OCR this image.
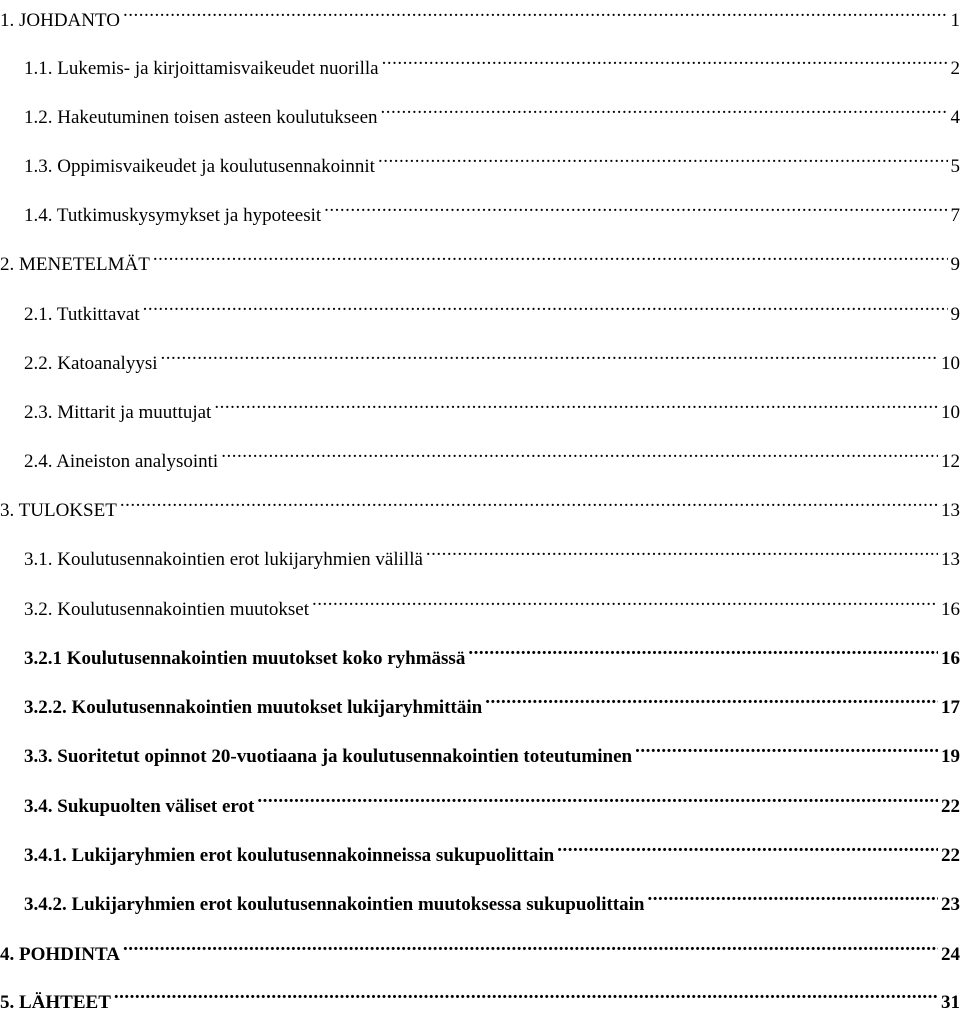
1. JOHDANTO .....	1
1.1. Lukemis- ja kirjoittamisvaikeudet nuorilla .....	2
1.2. Hakeutuminen toisen asteen koulutukseen .....	4
1.3. Oppimisvaikeudet ja koulutusennakoinnit .....	5
1.4. Tutkimuskysymykset ja hypoteesit .....	7
2. MENETELMÄT .....	9
2.1. Tutkittavat .....	9
2.2. Katoanalyysi .....	10
2.3. Mittarit ja muuttujat .....	10
2.4. Aineiston analysointi .....	12
3. TULOKSET .....	13
3.1. Koulutusennakointien erot lukijaryhmien välillä .....	13
3.2. Koulutusennakointien muutokset .....	16
3.2.1 Koulutusennakointien muutokset koko ryhmässä .....	16
3.2.2. Koulutusennakointien muutokset lukijaryhmittäin .....	17
3.3. Suoritetut opinnot 20-vuotiaana ja koulutusennakointien toteutuminen .....	19
3.4. Sukupuolten väliset erot .....	22
3.4.1. Lukijaryhmien erot koulutusennakoinneissa sukupuolittain .....	22
3.4.2. Lukijaryhmien erot koulutusennakointien muutoksessa sukupuolittain .....	23
4. POHDINTA .....	24
5. LÄHTEET .....	31
